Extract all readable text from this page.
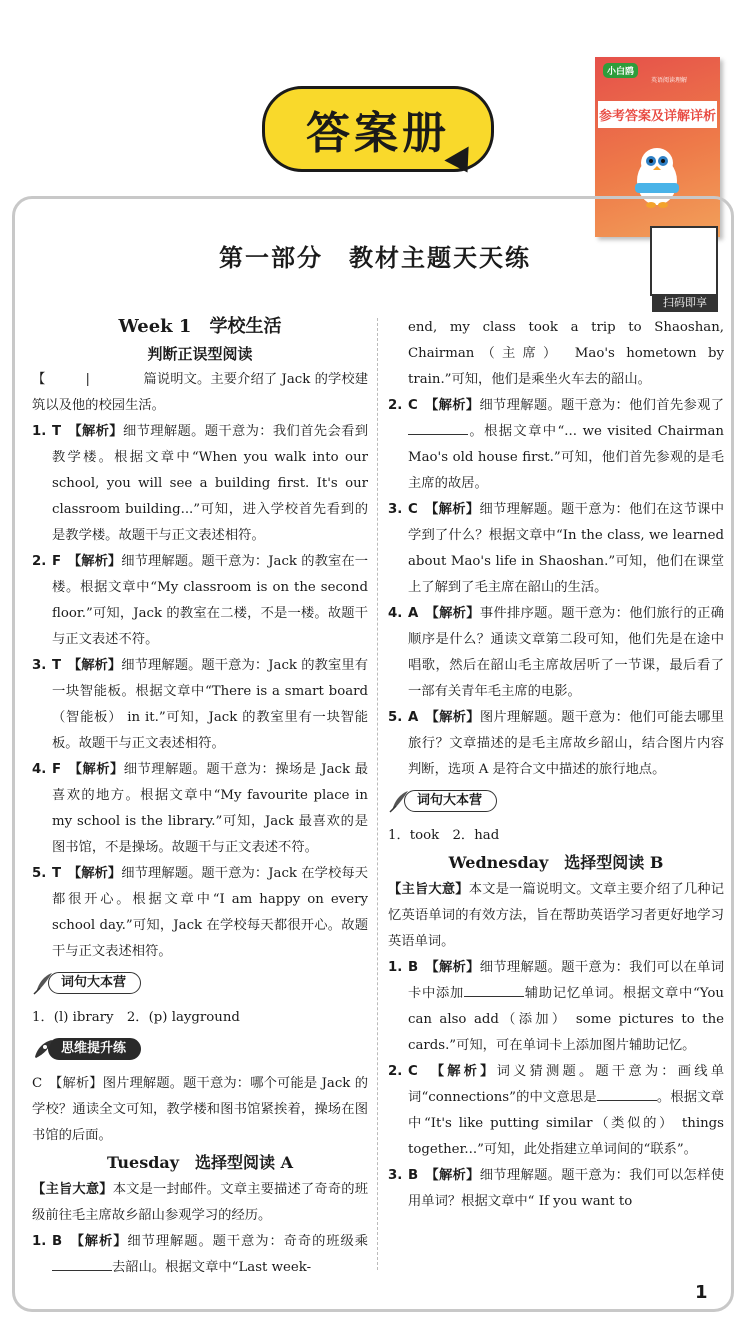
答案册
小白鸥
英语阅读理解
参考答案及详解详析
扫码即享
第一部分　教材主题天天练
Week 1　学校生活
判断正误型阅读
【　　　|　　　　篇说明文。主要介绍了 Jack 的学校建筑以及他的校园生活。
1. T　【解析】细节理解题。题干意为：我们首先会看到教学楼。根据文章中“When you walk into our school, you will see a building first. It's our classroom building...”可知，进入学校首先看到的是教学楼。故题干与正文表述相符。
2. F　【解析】细节理解题。题干意为：Jack 的教室在一楼。根据文章中“My classroom is on the second floor.”可知，Jack 的教室在二楼，不是一楼。故题干与正文表述不符。
3. T　【解析】细节理解题。题干意为：Jack 的教室里有一块智能板。根据文章中“There is a smart board（智能板） in it.”可知，Jack 的教室里有一块智能板。故题干与正文表述相符。
4. F　【解析】细节理解题。题干意为：操场是 Jack 最喜欢的地方。根据文章中“My favourite place in my school is the library.”可知，Jack 最喜欢的是图书馆，不是操场。故题干与正文表述不符。
5. T　【解析】细节理解题。题干意为：Jack 在学校每天都很开心。根据文章中“I am happy on every school day.”可知，Jack 在学校每天都很开心。故题干与正文表述相符。
词句大本营
1．(l) ibrary　2．(p) layground
思维提升练
C　【解析】图片理解题。题干意为：哪个可能是 Jack 的学校？通读全文可知，教学楼和图书馆紧挨着，操场在图书馆的后面。
Tuesday　选择型阅读 A
【主旨大意】本文是一封邮件。文章主要描述了奇奇的班级前往毛主席故乡韶山参观学习的经历。
1. B　【解析】细节理解题。题干意为：奇奇的班级乘去韶山。根据文章中“Last week-
end, my class took a trip to Shaoshan, Chairman（主席） Mao's hometown by train.”可知，他们是乘坐火车去的韶山。
2. C　【解析】细节理解题。题干意为：他们首先参观了。根据文章中“... we visited Chairman Mao's old house first.”可知，他们首先参观的是毛主席的故居。
3. C　【解析】细节理解题。题干意为：他们在这节课中学到了什么？根据文章中“In the class, we learned about Mao's life in Shaoshan.”可知，他们在课堂上了解到了毛主席在韶山的生活。
4. A　【解析】事件排序题。题干意为：他们旅行的正确顺序是什么？通读文章第二段可知，他们先是在途中唱歌，然后在韶山毛主席故居听了一节课，最后看了一部有关青年毛主席的电影。
5. A　【解析】图片理解题。题干意为：他们可能去哪里旅行？文章描述的是毛主席故乡韶山，结合图片内容判断，选项 A 是符合文中描述的旅行地点。
词句大本营
1．took　2．had
Wednesday　选择型阅读 B
【主旨大意】本文是一篇说明文。文章主要介绍了几种记忆英语单词的有效方法，旨在帮助英语学习者更好地学习英语单词。
1. B　【解析】细节理解题。题干意为：我们可以在单词卡中添加	辅助记忆单词。根据文章中“You can also add（添加） some pictures to the cards.”可知，可在单词卡上添加图片辅助记忆。
2. C　【解析】词义猜测题。题干意为：画线单词“connections”的中文意思是	。根据文章中“It's like putting similar（类似的） things together...”可知，此处指建立单词间的“联系”。
3. B　【解析】细节理解题。题干意为：我们可以怎样使用单词？根据文章中“ If you want to
1
